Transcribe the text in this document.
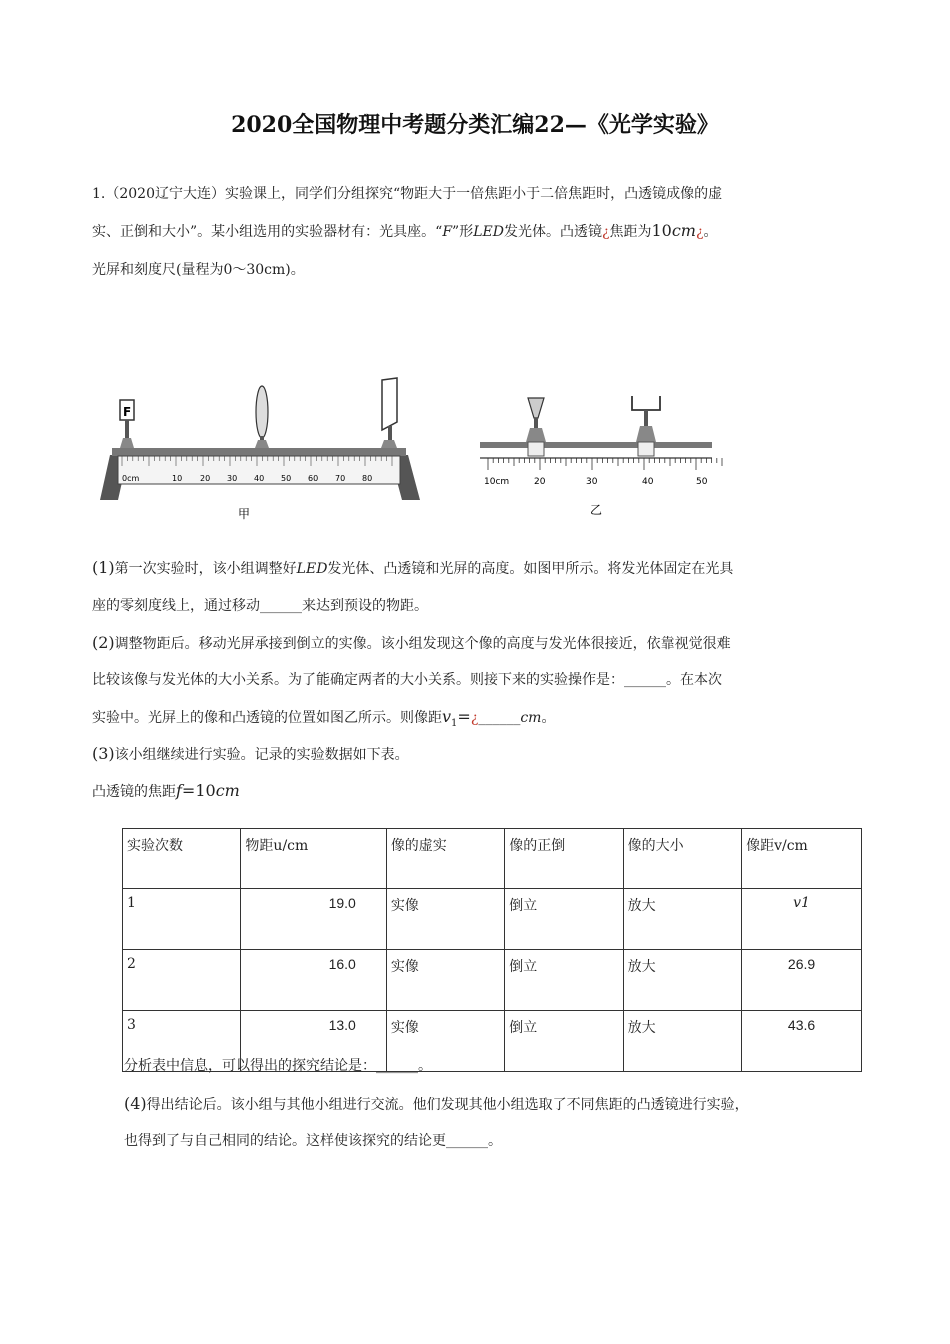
2020全国物理中考题分类汇编22—《光学实验》
1.（2020辽宁大连）实验课上，同学们分组探究“物距大于一倍焦距小于二倍焦距时，凸透镜成像的虚
实、正倒和大小”。某小组选用的实验器材有：光具座。“F”形LED发光体。凸透镜¿焦距为10cm¿。
光屏和刻度尺(量程为0～30cm)。
0cm	10 20 30 40 50 60 70 80
F
甲
10cm	20	30	40	50
乙
(1)第一次实验时，该小组调整好LED发光体、凸透镜和光屏的高度。如图甲所示。将发光体固定在光具
座的零刻度线上，通过移动______来达到预设的物距。
(2)调整物距后。移动光屏承接到倒立的实像。该小组发现这个像的高度与发光体很接近，依靠视觉很难
比较该像与发光体的大小关系。为了能确定两者的大小关系。则接下来的实验操作是：______。在本次
实验中。光屏上的像和凸透镜的位置如图乙所示。则像距$v_1=¿\_\_\_\_\_\_cm$。
(3)该小组继续进行实验。记录的实验数据如下表。
凸透镜的焦距f=10cm
实验次数	物距u/cm	像的虚实	像的正倒	像的大小	像距v/cm
1	19.0	实像	倒立	放大	v1
2	16.0	实像	倒立	放大	26.9
3	13.0	实像	倒立	放大	43.6
分析表中信息，可以得出的探究结论是：______。
(4)得出结论后。该小组与其他小组进行交流。他们发现其他小组选取了不同焦距的凸透镜进行实验，
也得到了与自己相同的结论。这样使该探究的结论更______。
